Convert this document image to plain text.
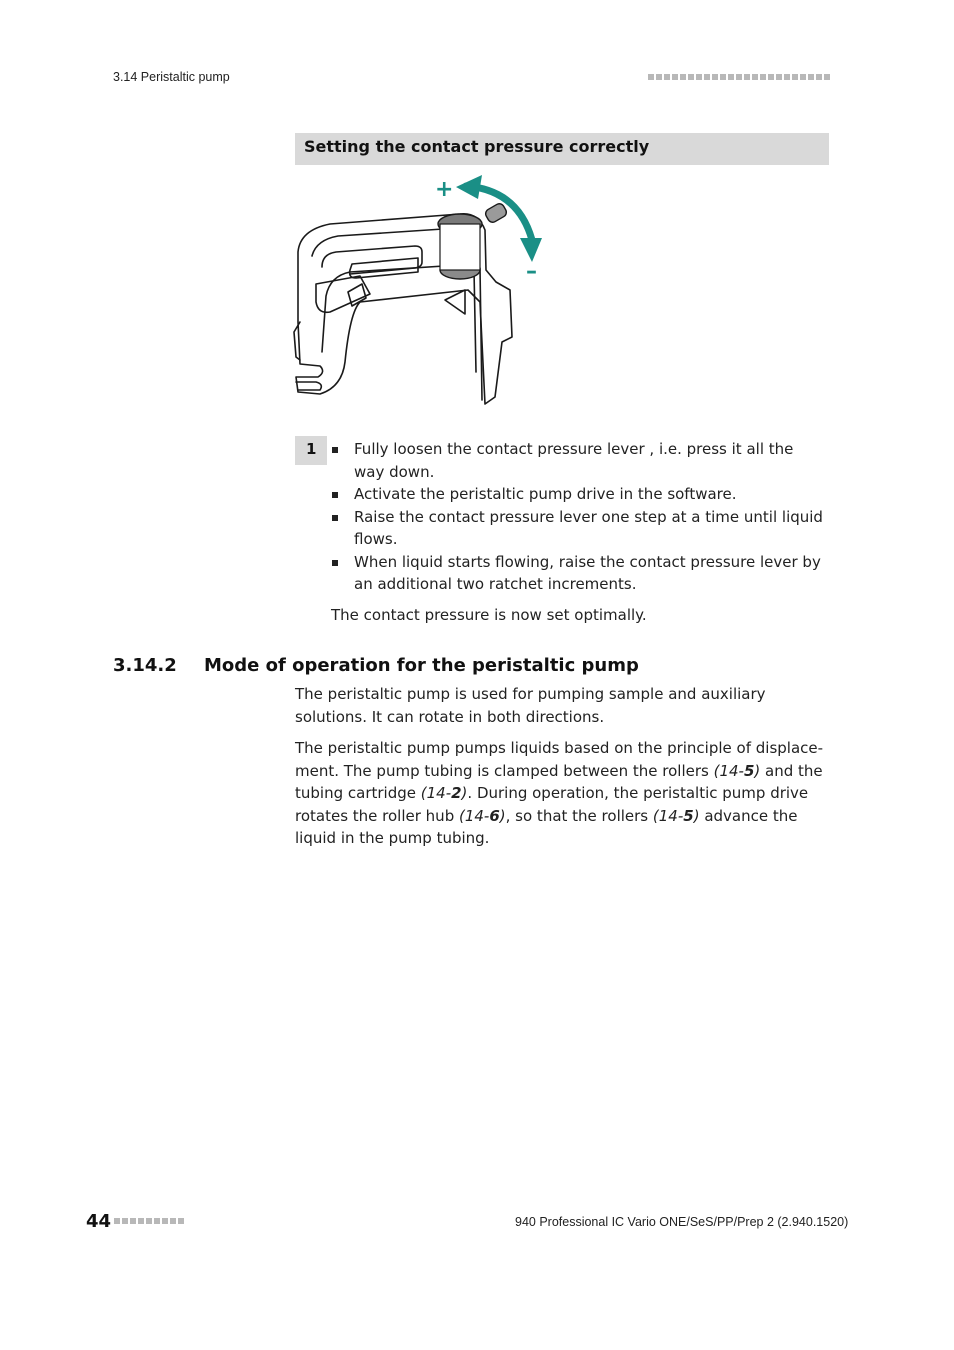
3.14 Peristaltic pump
Setting the contact pressure correctly
+
–
1	Fully loosen the contact pressure lever , i.e. press it all the way down.
Activate the peristaltic pump drive in the software.
Raise the contact pressure lever one step at a time until liquid flows.
When liquid starts flowing, raise the contact pressure lever by an additional two ratchet increments.
The contact pressure is now set optimally.
3.14.2 Mode of operation for the peristaltic pump

The peristaltic pump is used for pumping sample and auxiliary solutions. It can rotate in both directions.

The peristaltic pump pumps liquids based on the principle of displacement. The pump tubing is clamped between the rollers (14-5) and the tubing cartridge (14-2). During operation, the peristaltic pump drive rotates the roller hub (14-6), so that the rollers (14-5) advance the liquid in the pump tubing.

44	940 Professional IC Vario ONE/SeS/PP/Prep 2 (2.940.1520)
